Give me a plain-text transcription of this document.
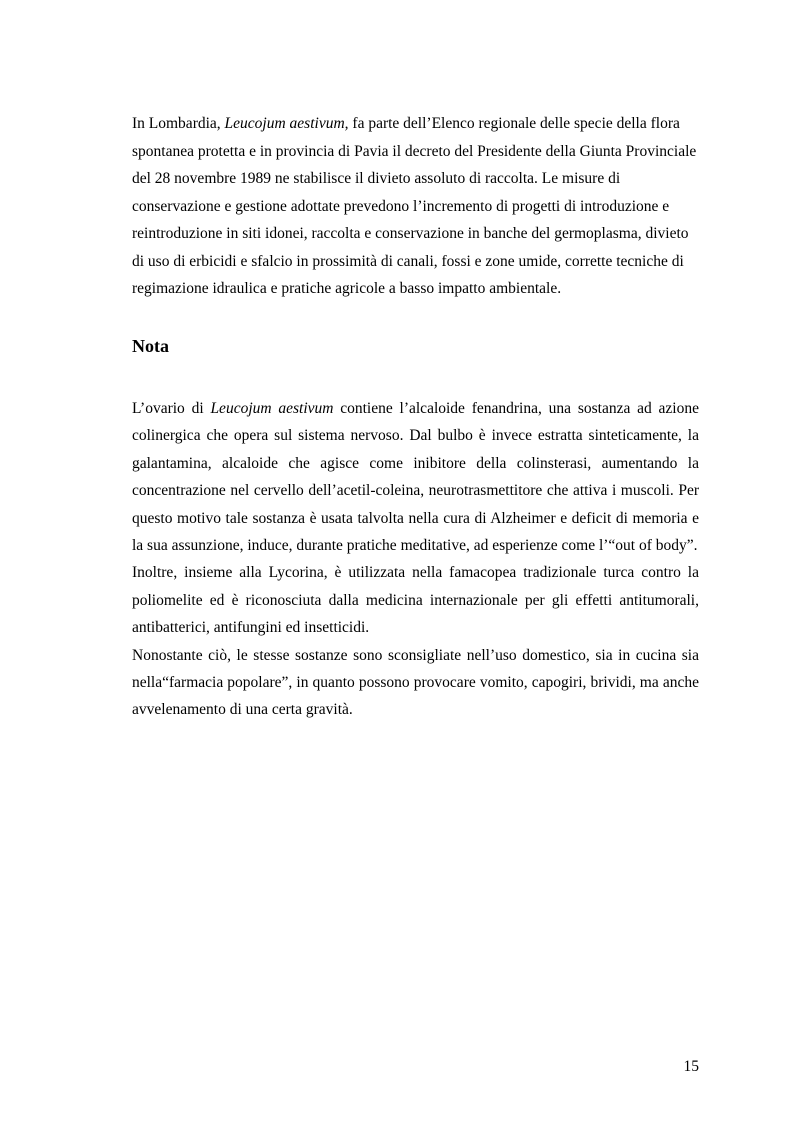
In Lombardia, Leucojum aestivum, fa parte dell’Elenco regionale delle specie della flora spontanea protetta e in provincia di Pavia il decreto del Presidente della Giunta Provinciale del 28 novembre 1989 ne stabilisce il divieto assoluto di raccolta. Le misure di conservazione e gestione adottate prevedono l’incremento di progetti di introduzione e reintroduzione in siti idonei, raccolta e conservazione in banche del germoplasma, divieto di uso di erbicidi e sfalcio in prossimità di canali, fossi e zone umide, corrette tecniche di regimazione idraulica e pratiche agricole a basso impatto ambientale.

Nota

L’ovario di Leucojum aestivum contiene l’alcaloide fenandrina, una sostanza ad azione colinergica che opera sul sistema nervoso. Dal bulbo è invece estratta sinteticamente, la galantamina, alcaloide che agisce come inibitore della colinsterasi, aumentando la concentrazione nel cervello dell’acetil-coleina, neurotrasmettitore che attiva i muscoli. Per questo motivo tale sostanza è usata talvolta nella cura di Alzheimer e deficit di memoria e la sua assunzione, induce, durante pratiche meditative, ad esperienze come l’“out of body”.

Inoltre, insieme alla Lycorina, è utilizzata nella famacopea tradizionale turca contro la poliomelite ed è riconosciuta dalla medicina internazionale per gli effetti antitumorali, antibatterici, antifungini ed insetticidi.

Nonostante ciò, le stesse sostanze sono sconsigliate nell’uso domestico, sia in cucina sia nella“farmacia popolare”, in quanto possono provocare vomito, capogiri, brividi, ma anche avvelenamento di una certa gravità.

15
